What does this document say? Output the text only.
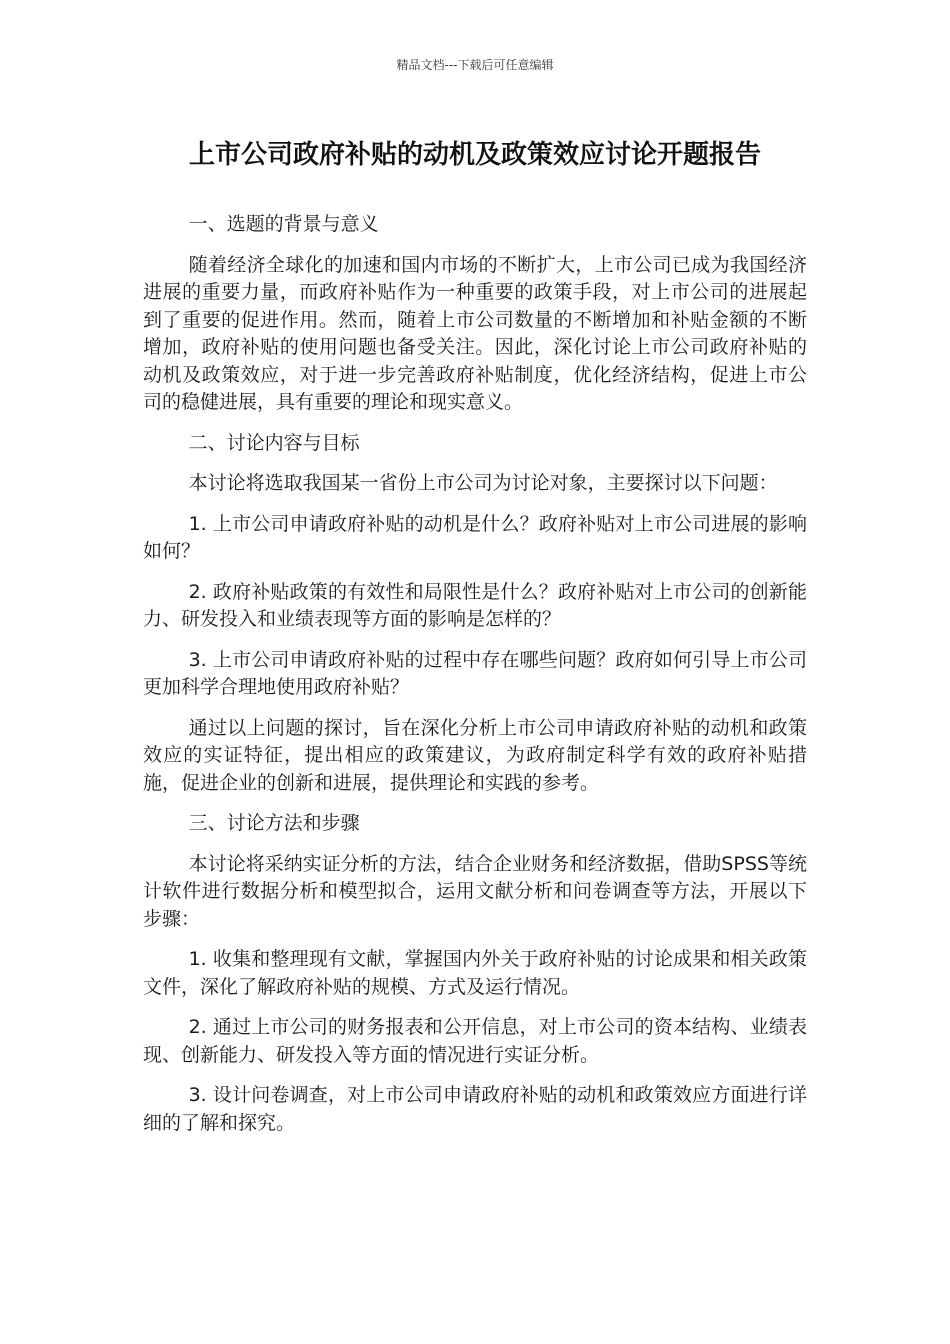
精品文档---下载后可任意编辑
上市公司政府补贴的动机及政策效应讨论开题报告

一、选题的背景与意义

随着经济全球化的加速和国内市场的不断扩大，上市公司已成为我国经济进展的重要力量，而政府补贴作为一种重要的政策手段，对上市公司的进展起到了重要的促进作用。然而，随着上市公司数量的不断增加和补贴金额的不断增加，政府补贴的使用问题也备受关注。因此，深化讨论上市公司政府补贴的动机及政策效应，对于进一步完善政府补贴制度，优化经济结构，促进上市公司的稳健进展，具有重要的理论和现实意义。

二、讨论内容与目标

本讨论将选取我国某一省份上市公司为讨论对象，主要探讨以下问题：

1. 上市公司申请政府补贴的动机是什么？政府补贴对上市公司进展的影响如何？

2. 政府补贴政策的有效性和局限性是什么？政府补贴对上市公司的创新能力、研发投入和业绩表现等方面的影响是怎样的？

3. 上市公司申请政府补贴的过程中存在哪些问题？政府如何引导上市公司更加科学合理地使用政府补贴？

通过以上问题的探讨，旨在深化分析上市公司申请政府补贴的动机和政策效应的实证特征，提出相应的政策建议，为政府制定科学有效的政府补贴措施，促进企业的创新和进展，提供理论和实践的参考。

三、讨论方法和步骤

本讨论将采纳实证分析的方法，结合企业财务和经济数据，借助SPSS等统计软件进行数据分析和模型拟合，运用文献分析和问卷调查等方法，开展以下步骤：

1. 收集和整理现有文献，掌握国内外关于政府补贴的讨论成果和相关政策文件，深化了解政府补贴的规模、方式及运行情况。

2. 通过上市公司的财务报表和公开信息，对上市公司的资本结构、业绩表现、创新能力、研发投入等方面的情况进行实证分析。

3. 设计问卷调查，对上市公司申请政府补贴的动机和政策效应方面进行详细的了解和探究。
